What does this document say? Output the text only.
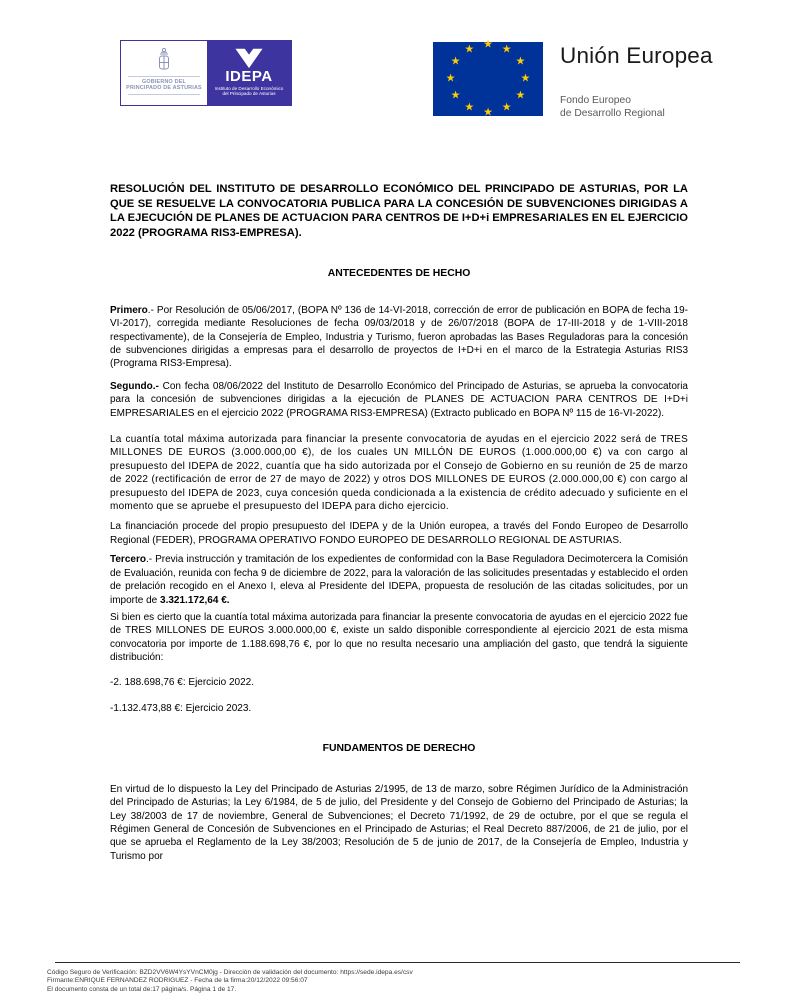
GOBIERNO DEL
PRINCIPADO DE ASTURIAS
IDEPA
Instituto de Desarrollo Económico del Principado de Asturias
★ ★
★
★
★
★
★
★
★
★
★
★	Unión Europea
Fondo Europeo
de Desarrollo Regional

RESOLUCIÓN DEL INSTITUTO DE DESARROLLO ECONÓMICO DEL PRINCIPADO DE ASTURIAS, POR LA QUE SE RESUELVE LA CONVOCATORIA PUBLICA PARA LA CONCESIÓN DE SUBVENCIONES DIRIGIDAS A LA EJECUCIÓN DE PLANES DE ACTUACION PARA CENTROS DE I+D+i EMPRESARIALES EN EL EJERCICIO 2022 (PROGRAMA RIS3-EMPRESA).

ANTECEDENTES DE HECHO

Primero.- Por Resolución de 05/06/2017, (BOPA Nº 136 de 14-VI-2018, corrección de error de publicación en BOPA de fecha 19-VI-2017), corregida mediante Resoluciones de fecha 09/03/2018 y de 26/07/2018 (BOPA de 17-III-2018 y de 1-VIII-2018 respectivamente), de la Consejería de Empleo, Industria y Turismo, fueron aprobadas las Bases Reguladoras para la concesión de subvenciones dirigidas a empresas para el desarrollo de proyectos de I+D+i en el marco de la Estrategia Asturias RIS3 (Programa RIS3-Empresa).

Segundo.- Con fecha 08/06/2022 del Instituto de Desarrollo Económico del Principado de Asturias, se aprueba la convocatoria para la concesión de subvenciones dirigidas a la ejecución de PLANES DE ACTUACION PARA CENTROS DE I+D+i EMPRESARIALES en el ejercicio 2022 (PROGRAMA RIS3-EMPRESA) (Extracto publicado en BOPA Nº 115 de 16-VI-2022).

La cuantía total máxima autorizada para financiar la presente convocatoria de ayudas en el ejercicio 2022 será de TRES MILLONES DE EUROS (3.000.000,00 €), de los cuales UN MILLÓN DE EUROS (1.000.000,00 €) va con cargo al presupuesto del IDEPA de 2022, cuantía que ha sido autorizada por el Consejo de Gobierno en su reunión de 25 de marzo de 2022 (rectificación de error de 27 de mayo de 2022) y otros DOS MILLONES DE EUROS (2.000.000,00 €) con cargo al presupuesto del IDEPA de 2023, cuya concesión queda condicionada a la existencia de crédito adecuado y suficiente en el momento que se apruebe el presupuesto del IDEPA para dicho ejercicio.

La financiación procede del propio presupuesto del IDEPA y de la Unión europea, a través del Fondo Europeo de Desarrollo Regional (FEDER), PROGRAMA OPERATIVO FONDO EUROPEO DE DESARROLLO REGIONAL DE ASTURIAS.

Tercero.- Previa instrucción y tramitación de los expedientes de conformidad con la Base Reguladora Decimotercera la Comisión de Evaluación, reunida con fecha 9 de diciembre de 2022, para la valoración de las solicitudes presentadas y establecido el orden de prelación recogido en el Anexo I, eleva al Presidente del IDEPA, propuesta de resolución de las citadas solicitudes, por un importe de 3.321.172,64 €.

Si bien es cierto que la cuantía total máxima autorizada para financiar la presente convocatoria de ayudas en el ejercicio 2022 fue de TRES MILLONES DE EUROS 3.000.000,00 €, existe un saldo disponible correspondiente al ejercicio 2021 de esta misma convocatoria por importe de 1.188.698,76 €, por lo que no resulta necesario una ampliación del gasto, que tendrá la siguiente distribución:

-2. 188.698,76 €: Ejercicio 2022.

-1.132.473,88 €: Ejercicio 2023.

FUNDAMENTOS DE DERECHO

En virtud de lo dispuesto la Ley del Principado de Asturias 2/1995, de 13 de marzo, sobre Régimen Jurídico de la Administración del Principado de Asturias; la Ley 6/1984, de 5 de julio, del Presidente y del Consejo de Gobierno del Principado de Asturias; la Ley 38/2003 de 17 de noviembre, General de Subvenciones; el Decreto 71/1992, de 29 de octubre, por el que se regula el Régimen General de Concesión de Subvenciones en el Principado de Asturias; el Real Decreto 887/2006, de 21 de julio, por el que se aprueba el Reglamento de la Ley 38/2003; Resolución de 5 de junio de 2017, de la Consejería de Empleo, Industria y Turismo por

Código Seguro de Verificación: BZD2VV6W4YsYVnCM0jg - Dirección de validación del documento: https://sede.idepa.es/csv
Firmante:ENRIQUE FERNANDEZ RODRIGUEZ - Fecha de la firma:20/12/2022 09:56:07
El documento consta de un total de:17 página/s. Página 1 de 17.
